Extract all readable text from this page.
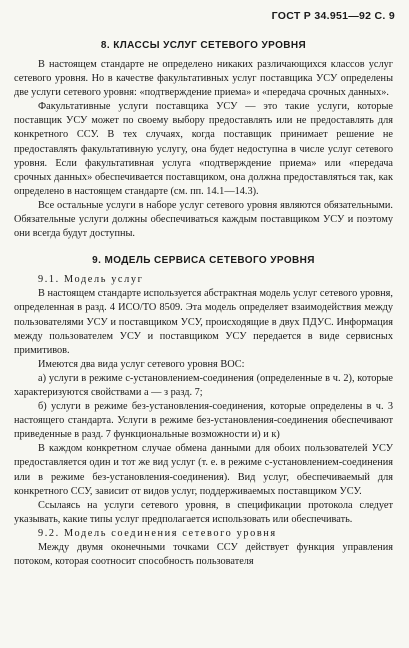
ГОСТ Р 34.951—92 С. 9
8. КЛАССЫ УСЛУГ СЕТЕВОГО УРОВНЯ

В настоящем стандарте не определено никаких различающихся классов услуг сетевого уровня. Но в качестве факультативных услуг поставщика УСУ определены две услуги сетевого уровня: «подтверждение приема» и «передача срочных данных».

Факультативные услуги поставщика УСУ — это такие услуги, которые поставщик УСУ может по своему выбору предоставлять или не предоставлять для конкретного ССУ. В тех случаях, когда поставщик принимает решение не предоставлять факультативную услугу, она будет недоступна в числе услуг сетевого уровня. Если факультативная услуга «подтверждение приема» или «передача срочных данных» обеспечивается поставщиком, она должна предоставляться так, как определено в настоящем стандарте (см. пп. 14.1—14.3).

Все остальные услуги в наборе услуг сетевого уровня являются обязательными. Обязательные услуги должны обеспечиваться каждым поставщиком УСУ и поэтому они всегда будут доступны.

9. МОДЕЛЬ СЕРВИСА СЕТЕВОГО УРОВНЯ

9.1. Модель услуг

В настоящем стандарте используется абстрактная модель услуг сетевого уровня, определенная в разд. 4 ИСО/ТО 8509. Эта модель определяет взаимодействия между пользователями УСУ и поставщиком УСУ, происходящие в двух ПДУС. Информация между пользователем УСУ и поставщиком УСУ передается в виде сервисных примитивов.

Имеются два вида услуг сетевого уровня ВОС:

а) услуги в режиме с-установлением-соединения (определенные в ч. 2), которые характеризуются свойствами а — з разд. 7;

б) услуги в режиме без-установления-соединения, которые определены в ч. 3 настоящего стандарта. Услуги в режиме без-установления-соединения обеспечивают приведенные в разд. 7 функциональные возможности и) и к)

В каждом конкретном случае обмена данными для обоих пользователей УСУ предоставляется один и тот же вид услуг (т. е. в режиме с-установлением-соединения или в режиме без-установления-соединения). Вид услуг, обеспечиваемый для конкретного ССУ, зависит от видов услуг, поддерживаемых поставщиком УСУ.

Ссылаясь на услуги сетевого уровня, в спецификации протокола следует указывать, какие типы услуг предполагается использовать или обеспечивать.

9.2. Модель соединения сетевого уровня

Между двумя оконечными точками ССУ действует функция управления потоком, которая соотносит способность пользователя
